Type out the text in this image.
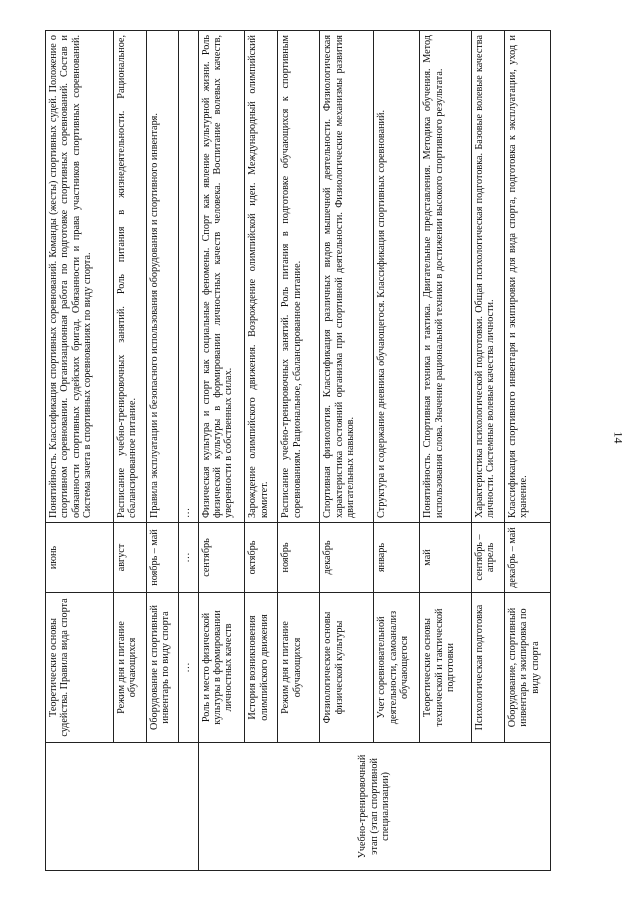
14
	Теоретические основы судейства. Правила вида спорта	июнь	Понятийность. Классификация спортивных соревнований. Команды (жесты) спортивных судей. Положение о спортивном соревновании. Организационная работа по подготовке спортивных соревнований. Состав и обязанности спортивных судейских бригад. Обязанности и права участников спортивных соревнований. Система зачета в спортивных соревнованиях по виду спорта.
	Режим дня и питание обучающихся	август	Расписание учебно-тренировочных занятий. Роль питания в жизнедеятельности. Рациональное, сбалансированное питание.
	Оборудование и спортивный инвентарь по виду спорта	ноябрь – май	Правила эксплуатации и безопасного использования оборудования и спортивного инвентаря.
	…	…	…
Учебно-тренировочный этап (этап спортивной специализации)	Роль и место физической культуры в формировании личностных качеств	сентябрь	Физическая культура и спорт как социальные феномены. Спорт как явление культурной жизни. Роль физической культуры в формировании личностных качеств человека. Воспитание волевых качеств, уверенности в собственных силах.
	История возникновения олимпийского движения	октябрь	Зарождение олимпийского движения. Возрождение олимпийской идеи. Международный олимпийский комитет.
	Режим дня и питание обучающихся	ноябрь	Расписание учебно-тренировочных занятий. Роль питания в подготовке обучающихся к спортивным соревнованиям. Рациональное, сбалансированное питание.
	Физиологические основы физической культуры	декабрь	Спортивная физиология. Классификация различных видов мышечной деятельности. Физиологическая характеристика состояний организма при спортивной деятельности. Физиологические механизмы развития двигательных навыков.
	Учет соревновательной деятельности, самоанализ обучающегося	январь	Структура и содержание дневника обучающегося. Классификация спортивных соревнований.
	Теоретические основы технической и тактической подготовки	май	Понятийность. Спортивная техника и тактика. Двигательные представления. Методика обучения. Метод использования слова. Значение рациональной техники в достижении высокого спортивного результата.
	Психологическая подготовка	сентябрь – апрель	Характеристика психологической подготовки. Общая психологическая подготовка. Базовые волевые качества личности. Системные волевые качества личности.
	Оборудование, спортивный инвентарь и экипировка по виду спорта	декабрь – май	Классификация спортивного инвентаря и экипировки для вида спорта, подготовка к эксплуатации, уход и хранение.
